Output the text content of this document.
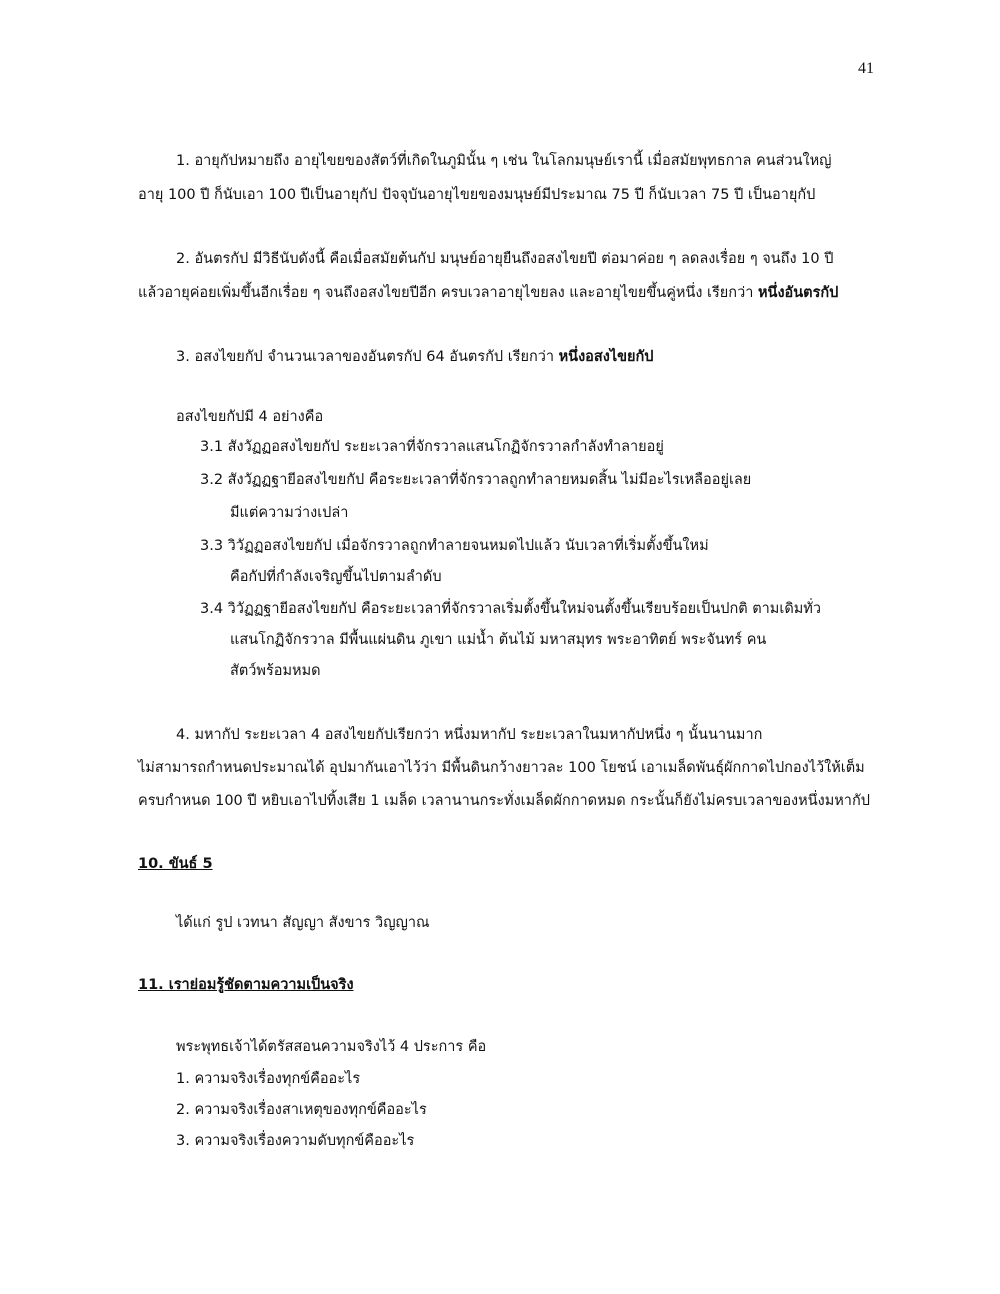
41
1. อายุกัปหมายถึง อายุไขยของสัตว์ที่เกิดในภูมินั้น ๆ เช่น ในโลกมนุษย์เรานี้ เมื่อสมัยพุทธกาล คนส่วนใหญ่
อายุ 100 ปี ก็นับเอา 100 ปีเป็นอายุกัป ปัจจุบันอายุไขยของมนุษย์มีประมาณ 75 ปี ก็นับเวลา 75 ปี เป็นอายุกัป
2. อันตรกัป มีวิธีนับดังนี้ คือเมื่อสมัยต้นกัป มนุษย์อายุยืนถึงอสงไขยปี ต่อมาค่อย ๆ ลดลงเรื่อย ๆ จนถึง 10 ปี
แล้วอายุค่อยเพิ่มขึ้นอีกเรื่อย ๆ จนถึงอสงไขยปีอีก ครบเวลาอายุไขยลง และอายุไขยขึ้นคู่หนึ่ง เรียกว่า หนึ่งอันตรกัป
3. อสงไขยกัป จำนวนเวลาของอันตรกัป 64 อันตรกัป เรียกว่า หนึ่งอสงไขยกัป
อสงไขยกัปมี 4 อย่างคือ
3.1 สังวัฏฏอสงไขยกัป ระยะเวลาที่จักรวาลแสนโกฏิจักรวาลกำลังทำลายอยู่
3.2 สังวัฏฏฐายีอสงไขยกัป คือระยะเวลาที่จักรวาลถูกทำลายหมดสิ้น ไม่มีอะไรเหลืออยู่เลย
มีแต่ความว่างเปล่า
3.3 วิวัฏฏอสงไขยกัป เมื่อจักรวาลถูกทำลายจนหมดไปแล้ว นับเวลาที่เริ่มตั้งขึ้นใหม่
คือกัปที่กำลังเจริญขึ้นไปตามลำดับ
3.4 วิวัฏฏฐายีอสงไขยกัป คือระยะเวลาที่จักรวาลเริ่มตั้งขึ้นใหม่จนตั้งขึ้นเรียบร้อยเป็นปกติ ตามเดิมทั่ว
แสนโกฏิจักรวาล มีพื้นแผ่นดิน ภูเขา แม่น้ำ ต้นไม้ มหาสมุทร พระอาทิตย์ พระจันทร์ คน
สัตว์พร้อมหมด
4. มหากัป ระยะเวลา 4 อสงไขยกัปเรียกว่า หนึ่งมหากัป ระยะเวลาในมหากัปหนึ่ง ๆ นั้นนานมาก
ไม่สามารถกำหนดประมาณได้ อุปมากันเอาไว้ว่า มีพื้นดินกว้างยาวละ 100 โยชน์ เอาเมล็ดพันธุ์ผักกาดไปกองไว้ให้เต็ม
ครบกำหนด 100 ปี หยิบเอาไปทิ้งเสีย 1 เมล็ด เวลานานกระทั่งเมล็ดผักกาดหมด กระนั้นก็ยังไม่ครบเวลาของหนึ่งมหากัป
10. ขันธ์ 5
ได้แก่ รูป เวทนา สัญญา สังขาร วิญญาณ
11. เราย่อมรู้ชัดตามความเป็นจริง
พระพุทธเจ้าได้ตรัสสอนความจริงไว้ 4 ประการ คือ
1. ความจริงเรื่องทุกข์คืออะไร
2. ความจริงเรื่องสาเหตุของทุกข์คืออะไร
3. ความจริงเรื่องความดับทุกข์คืออะไร
